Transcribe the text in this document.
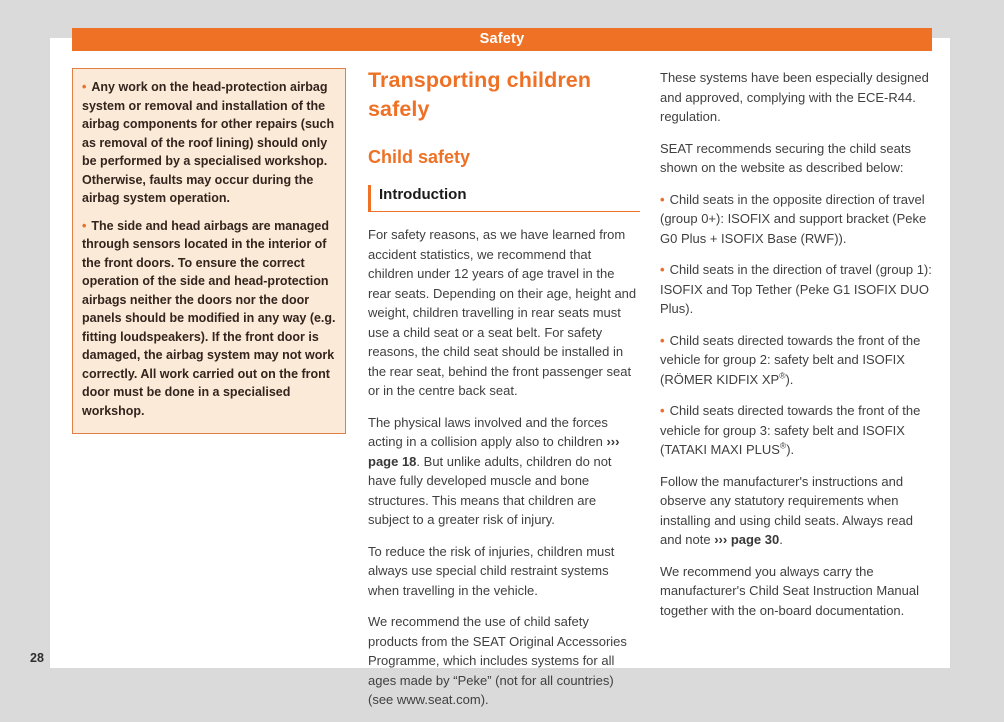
Safety

• Any work on the head-protection airbag system or removal and installation of the airbag components for other repairs (such as removal of the roof lining) should only be performed by a specialised workshop. Otherwise, faults may occur during the airbag system operation.

• The side and head airbags are managed through sensors located in the interior of the front doors. To ensure the correct operation of the side and head-protection airbags neither the doors nor the door panels should be modified in any way (e.g. fitting loudspeakers). If the front door is damaged, the airbag system may not work correctly. All work carried out on the front door must be done in a specialised workshop.

Transporting children safely
Child safety
Introduction

For safety reasons, as we have learned from accident statistics, we recommend that children under 12 years of age travel in the rear seats. Depending on their age, height and weight, children travelling in rear seats must use a child seat or a seat belt. For safety reasons, the child seat should be installed in the rear seat, behind the front passenger seat or in the centre back seat.

The physical laws involved and the forces acting in a collision apply also to children ››› page 18. But unlike adults, children do not have fully developed muscle and bone structures. This means that children are subject to a greater risk of injury.

To reduce the risk of injuries, children must always use special child restraint systems when travelling in the vehicle.

We recommend the use of child safety products from the SEAT Original Accessories Programme, which includes systems for all ages made by “Peke” (not for all countries) (see www.seat.com).

These systems have been especially designed and approved, complying with the ECE-R44. regulation.

SEAT recommends securing the child seats shown on the website as described below:

• Child seats in the opposite direction of travel (group 0+): ISOFIX and support bracket (Peke G0 Plus + ISOFIX Base (RWF)).

• Child seats in the direction of travel (group 1): ISOFIX and Top Tether (Peke G1 ISOFIX DUO Plus).

• Child seats directed towards the front of the vehicle for group 2: safety belt and ISOFIX (RÖMER KIDFIX XP®).

• Child seats directed towards the front of the vehicle for group 3: safety belt and ISOFIX (TATAKI MAXI PLUS®).

Follow the manufacturer's instructions and observe any statutory requirements when installing and using child seats. Always read and note ››› page 30.

We recommend you always carry the manufacturer's Child Seat Instruction Manual together with the on-board documentation.

28
